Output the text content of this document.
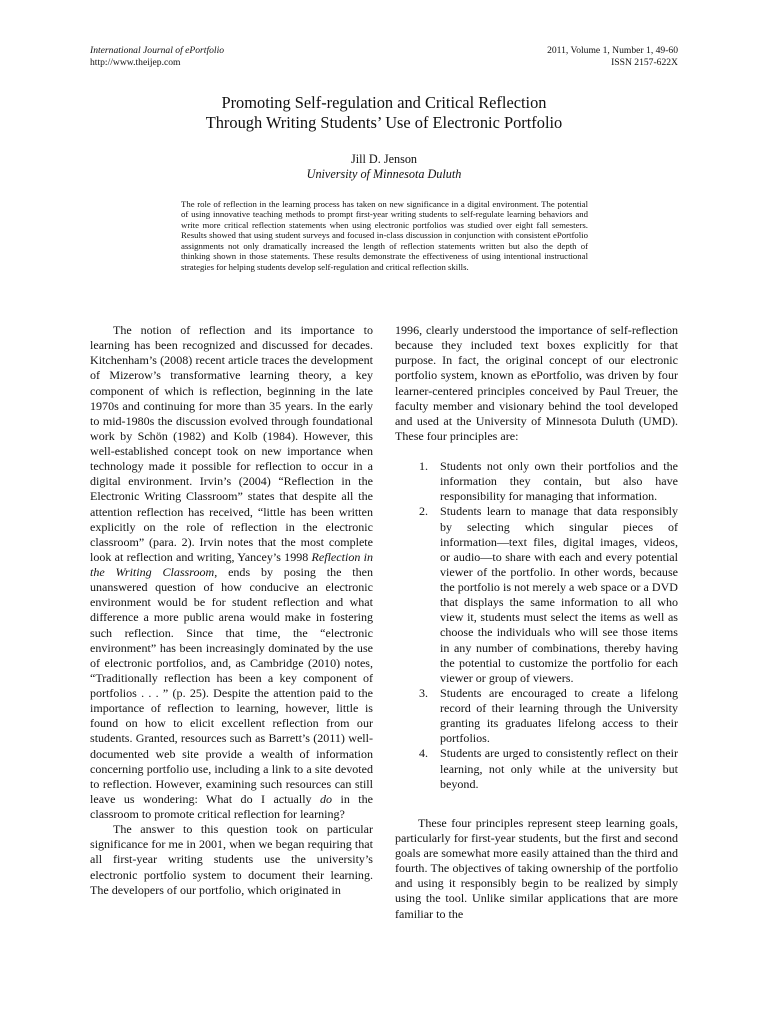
International Journal of ePortfolio
http://www.theijep.com
2011, Volume 1, Number 1, 49-60
ISSN 2157-622X
Promoting Self-regulation and Critical Reflection
Through Writing Students’ Use of Electronic Portfolio
Jill D. Jenson
University of Minnesota Duluth
The role of reflection in the learning process has taken on new significance in a digital environment. The potential of using innovative teaching methods to prompt first-year writing students to self-regulate learning behaviors and write more critical reflection statements when using electronic portfolios was studied over eight fall semesters. Results showed that using student surveys and focused in-class discussion in conjunction with consistent ePortfolio assignments not only dramatically increased the length of reflection statements written but also the depth of thinking shown in those statements. These results demonstrate the effectiveness of using intentional instructional strategies for helping students develop self-regulation and critical reflection skills.

The notion of reflection and its importance to learning has been recognized and discussed for decades. Kitchenham’s (2008) recent article traces the development of Mizerow’s transformative learning theory, a key component of which is reflection, beginning in the late 1970s and continuing for more than 35 years. In the early to mid-1980s the discussion evolved through foundational work by Schön (1982) and Kolb (1984). However, this well-established concept took on new importance when technology made it possible for reflection to occur in a digital environment. Irvin’s (2004) “Reflection in the Electronic Writing Classroom” states that despite all the attention reflection has received, “little has been written explicitly on the role of reflection in the electronic classroom” (para. 2). Irvin notes that the most complete look at reflection and writing, Yancey’s 1998 Reflection in the Writing Classroom, ends by posing the then unanswered question of how conducive an electronic environment would be for student reflection and what difference a more public arena would make in fostering such reflection. Since that time, the “electronic environment” has been increasingly dominated by the use of electronic portfolios, and, as Cambridge (2010) notes, “Traditionally reflection has been a key component of portfolios . . . ” (p. 25). Despite the attention paid to the importance of reflection to learning, however, little is found on how to elicit excellent reflection from our students. Granted, resources such as Barrett’s (2011) well-documented web site provide a wealth of information concerning portfolio use, including a link to a site devoted to reflection. However, examining such resources can still leave us wondering: What do I actually do in the classroom to promote critical reflection for learning?

The answer to this question took on particular significance for me in 2001, when we began requiring that all first-year writing students use the university’s electronic portfolio system to document their learning. The developers of our portfolio, which originated in

1996, clearly understood the importance of self-reflection because they included text boxes explicitly for that purpose. In fact, the original concept of our electronic portfolio system, known as ePortfolio, was driven by four learner-centered principles conceived by Paul Treuer, the faculty member and visionary behind the tool developed and used at the University of Minnesota Duluth (UMD). These four principles are:

1. Students not only own their portfolios and the information they contain, but also have responsibility for managing that information.
2. Students learn to manage that data responsibly by selecting which singular pieces of information—text files, digital images, videos, or audio—to share with each and every potential viewer of the portfolio. In other words, because the portfolio is not merely a web space or a DVD that displays the same information to all who view it, students must select the items as well as choose the individuals who will see those items in any number of combinations, thereby having the potential to customize the portfolio for each viewer or group of viewers.
3. Students are encouraged to create a lifelong record of their learning through the University granting its graduates lifelong access to their portfolios.
4. Students are urged to consistently reflect on their learning, not only while at the university but beyond.

These four principles represent steep learning goals, particularly for first-year students, but the first and second goals are somewhat more easily attained than the third and fourth. The objectives of taking ownership of the portfolio and using it responsibly begin to be realized by simply using the tool. Unlike similar applications that are more familiar to the
